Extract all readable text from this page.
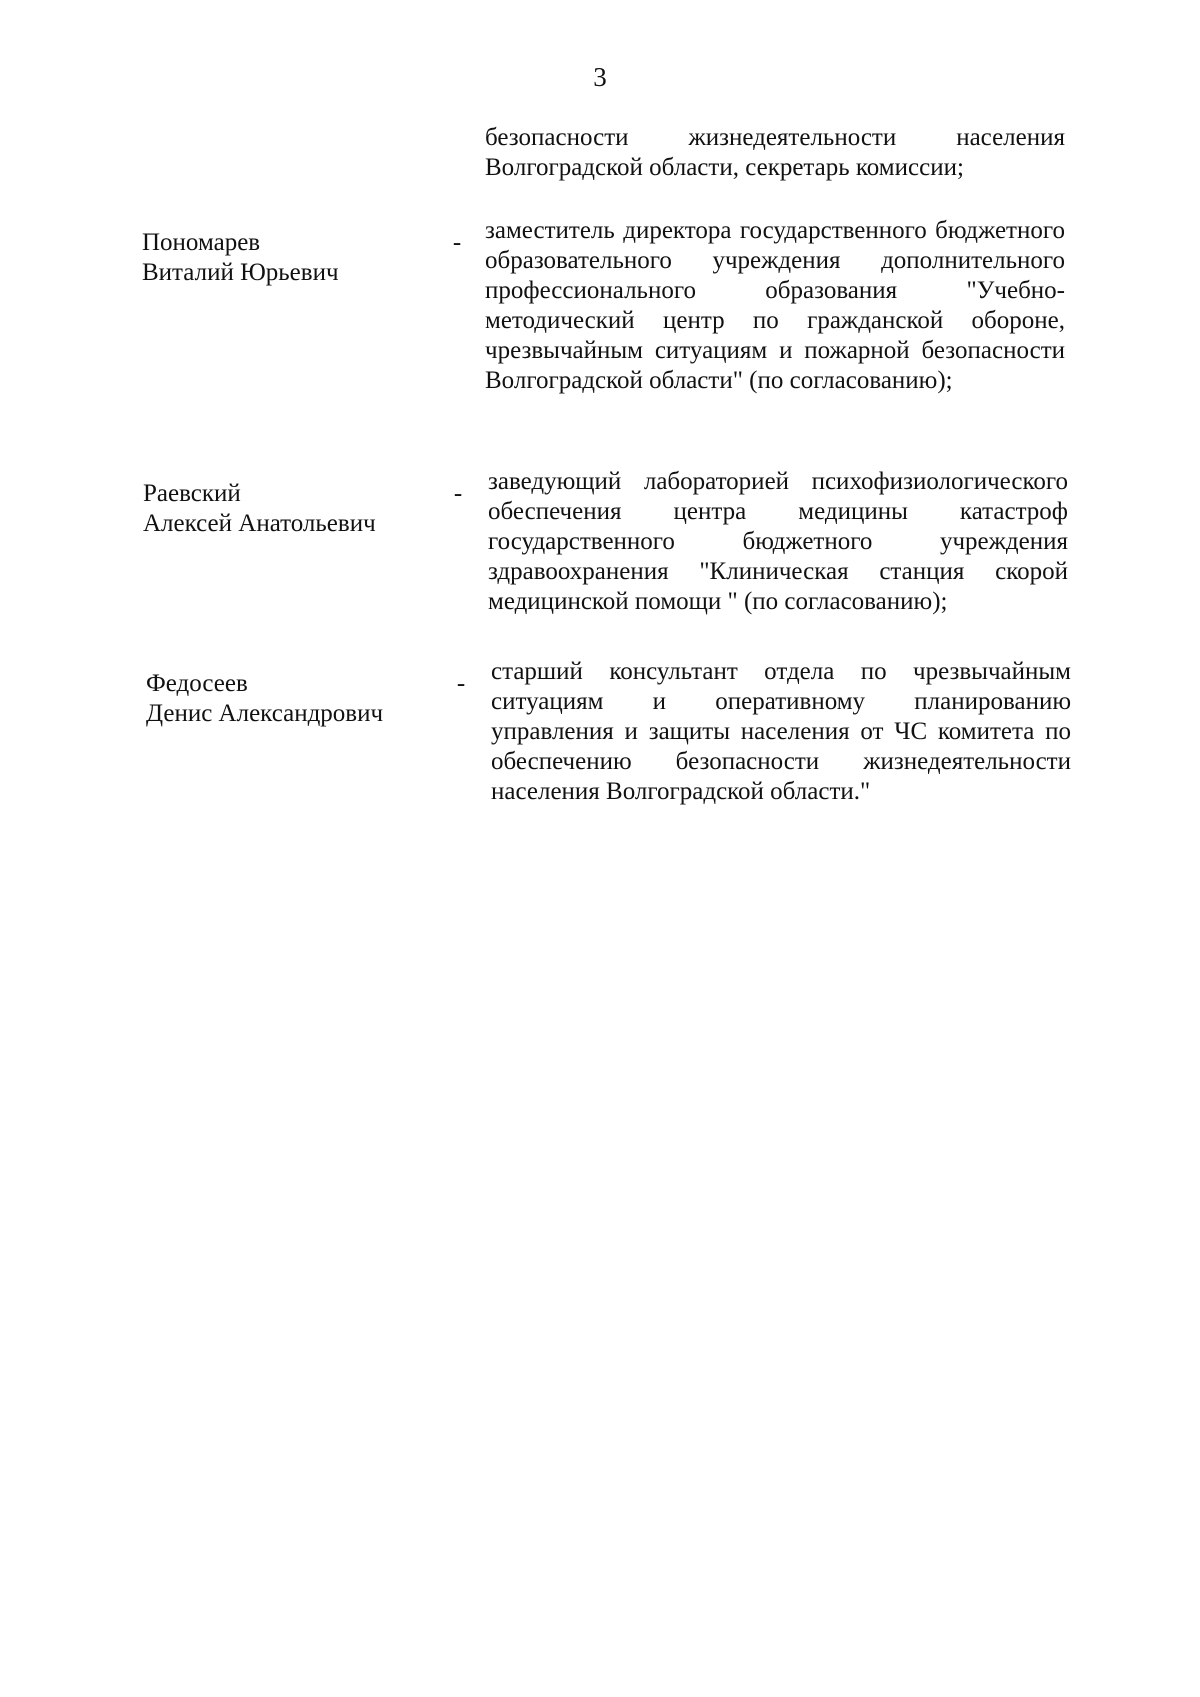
3
безопасности жизнедеятельности населения Волгоградской области, секретарь комиссии;
Пономарев
Виталий Юрьевич
- заместитель директора государственного бюджетного образовательного учреждения дополнительного профессионального образования "Учебно-методический центр по гражданской обороне, чрезвычайным ситуациям и пожарной безопасности Волгоградской области" (по согласованию);
Раевский
Алексей Анатольевич
- заведующий лабораторией психофизиологического обеспечения центра медицины катастроф государственного бюджетного учреждения здравоохранения "Клиническая станция скорой медицинской помощи " (по согласованию);
Федосеев
Денис Александрович
- старший консультант отдела по чрезвычайным ситуациям и оперативному планированию управления и защиты населения от ЧС комитета по обеспечению безопасности жизнедеятельности населения Волгоградской области."
